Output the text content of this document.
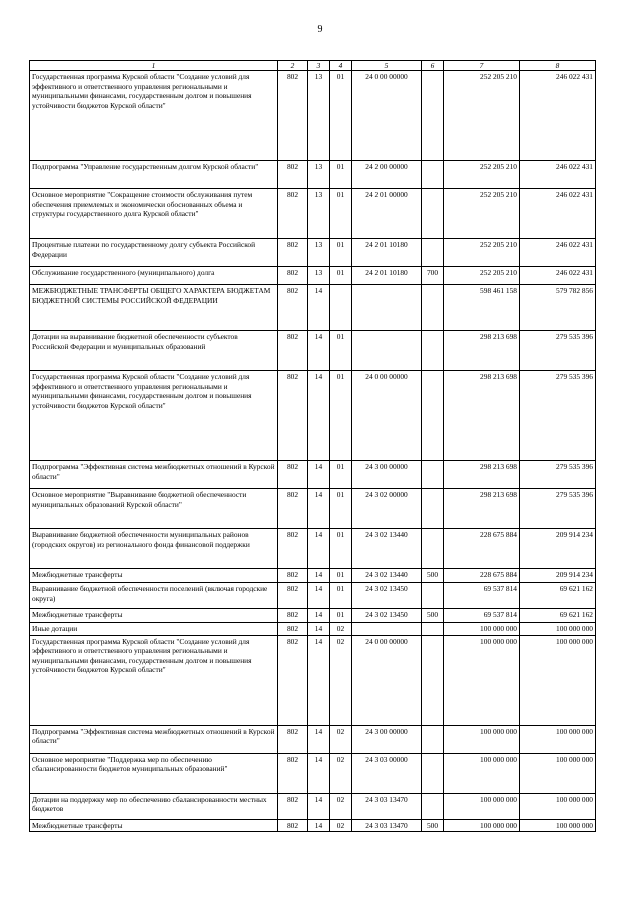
9
1	2	3	4	5	6	7	8
Государственная программа Курской области "Создание условий для эффективного и ответственного управления региональными и муниципальными финансами, государственным долгом и повышения устойчивости бюджетов Курской области"	802	13	01	24 0 00 00000		252 205 210	246 022 431
Подпрограмма "Управление государственным долгом Курской области"	802	13	01	24 2 00 00000		252 205 210	246 022 431
Основное мероприятие "Сокращение стоимости обслуживания путем обеспечения приемлемых и экономически обоснованных объема и структуры государственного долга Курской области"	802	13	01	24 2 01 00000		252 205 210	246 022 431
Процентные платежи по государственному долгу субъекта Российской Федерации	802	13	01	24 2 01 10180		252 205 210	246 022 431
Обслуживание государственного (муниципального) долга	802	13	01	24 2 01 10180	700	252 205 210	246 022 431
МЕЖБЮДЖЕТНЫЕ ТРАНСФЕРТЫ ОБЩЕГО ХАРАКТЕРА БЮДЖЕТАМ БЮДЖЕТНОЙ СИСТЕМЫ РОССИЙСКОЙ ФЕДЕРАЦИИ	802	14				598 461 158	579 782 856
Дотации на выравнивание бюджетной обеспеченности субъектов Российской Федерации и муниципальных образований	802	14	01			298 213 698	279 535 396
Государственная программа Курской области "Создание условий для эффективного и ответственного управления региональными и муниципальными финансами, государственным долгом и повышения устойчивости бюджетов Курской области"	802	14	01	24 0 00 00000		298 213 698	279 535 396
Подпрограмма "Эффективная система межбюджетных отношений в Курской области"	802	14	01	24 3 00 00000		298 213 698	279 535 396
Основное мероприятие "Выравнивание бюджетной обеспеченности муниципальных образований Курской области"	802	14	01	24 3 02 00000		298 213 698	279 535 396
Выравнивание бюджетной обеспеченности муниципальных районов (городских округов) из регионального фонда финансовой поддержки	802	14	01	24 3 02 13440		228 675 884	209 914 234
Межбюджетные трансферты	802	14	01	24 3 02 13440	500	228 675 884	209 914 234
Выравнивание бюджетной обеспеченности поселений (включая городские округа)	802	14	01	24 3 02 13450		69 537 814	69 621 162
Межбюджетные трансферты	802	14	01	24 3 02 13450	500	69 537 814	69 621 162
Иные дотации	802	14	02			100 000 000	100 000 000
Государственная программа Курской области "Создание условий для эффективного и ответственного управления региональными и муниципальными финансами, государственным долгом и повышения устойчивости бюджетов Курской области"	802	14	02	24 0 00 00000		100 000 000	100 000 000
Подпрограмма "Эффективная система межбюджетных отношений в Курской области"	802	14	02	24 3 00 00000		100 000 000	100 000 000
Основное мероприятие "Поддержка мер по обеспечению сбалансированности бюджетов муниципальных образований"	802	14	02	24 3 03 00000		100 000 000	100 000 000
Дотации на поддержку мер по обеспечению сбалансированности местных бюджетов	802	14	02	24 3 03 13470		100 000 000	100 000 000
Межбюджетные трансферты	802	14	02	24 3 03 13470	500	100 000 000	100 000 000
